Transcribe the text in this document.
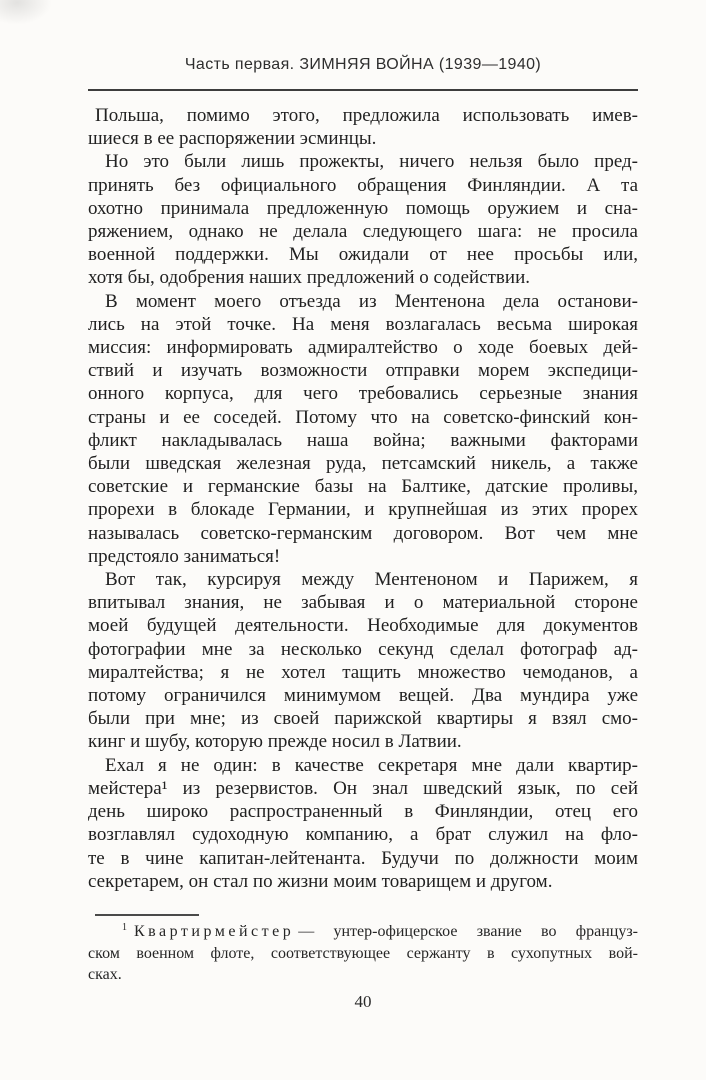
Часть первая. ЗИМНЯЯ ВОЙНА (1939—1940)
Польша, помимо этого, предложила использовать имев-
шиеся в ее распоряжении эсминцы.
Но это были лишь прожекты, ничего нельзя было пред-
принять без официального обращения Финляндии. А та
охотно принимала предложенную помощь оружием и сна-
ряжением, однако не делала следующего шага: не просила
военной поддержки. Мы ожидали от нее просьбы или,
хотя бы, одобрения наших предложений о содействии.
В момент моего отъезда из Ментенона дела останови-
лись на этой точке. На меня возлагалась весьма широкая
миссия: информировать адмиралтейство о ходе боевых дей-
ствий и изучать возможности отправки морем экспедици-
онного корпуса, для чего требовались серьезные знания
страны и ее соседей. Потому что на советско-финский кон-
фликт накладывалась наша война; важными факторами
были шведская железная руда, петсамский никель, а также
советские и германские базы на Балтике, датские проливы,
прорехи в блокаде Германии, и крупнейшая из этих прорех
называлась советско-германским договором. Вот чем мне
предстояло заниматься!
Вот так, курсируя между Ментеноном и Парижем, я
впитывал знания, не забывая и о материальной стороне
моей будущей деятельности. Необходимые для документов
фотографии мне за несколько секунд сделал фотограф ад-
миралтейства; я не хотел тащить множество чемоданов, а
потому ограничился минимумом вещей. Два мундира уже
были при мне; из своей парижской квартиры я взял смо-
кинг и шубу, которую прежде носил в Латвии.
Ехал я не один: в качестве секретаря мне дали квартир-
мейстера¹ из резервистов. Он знал шведский язык, по сей
день широко распространенный в Финляндии, отец его
возглавлял судоходную компанию, а брат служил на фло-
те в чине капитан-лейтенанта. Будучи по должности моим
секретарем, он стал по жизни моим товарищем и другом.
$^1$ Квартирмейстер — унтер-офицерское звание во француз-
ском военном флоте, соответствующее сержанту в сухопутных вой-
сках.
40
